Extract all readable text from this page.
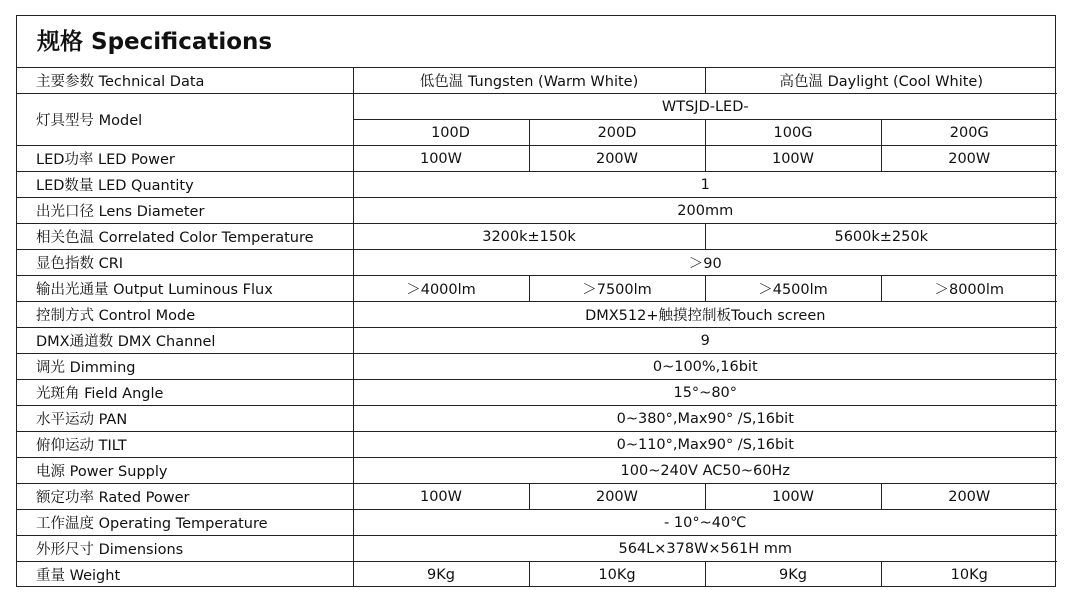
规格 Specifications
主要参数 Technical Data	低色温 Tungsten (Warm White)		高色温 Daylight (Cool White)	
灯具型号 Model	WTSJD-LED-			
	100D	200D	100G	200G
LED功率 LED Power	100W	200W	100W	200W
LED数量 LED Quantity	1			
出光口径 Lens Diameter	200mm			
相关色温 Correlated Color Temperature	3200k±150k		5600k±250k	
显色指数 CRI	＞90			
输出光通量 Output Luminous Flux	＞4000lm	＞7500lm	＞4500lm	＞8000lm
控制方式 Control Mode	DMX512+触摸控制板Touch screen			
DMX通道数 DMX Channel	9			
调光 Dimming	0~100%,16bit			
光斑角 Field Angle	15°~80°			
水平运动 PAN	0~380°,Max90° /S,16bit			
俯仰运动 TILT	0~110°,Max90° /S,16bit			
电源 Power Supply	100~240V AC50~60Hz			
额定功率 Rated Power	100W	200W	100W	200W
工作温度 Operating Temperature	- 10°~40℃			
外形尺寸 Dimensions	564L×378W×561H mm			
重量 Weight	9Kg	10Kg	9Kg	10Kg
